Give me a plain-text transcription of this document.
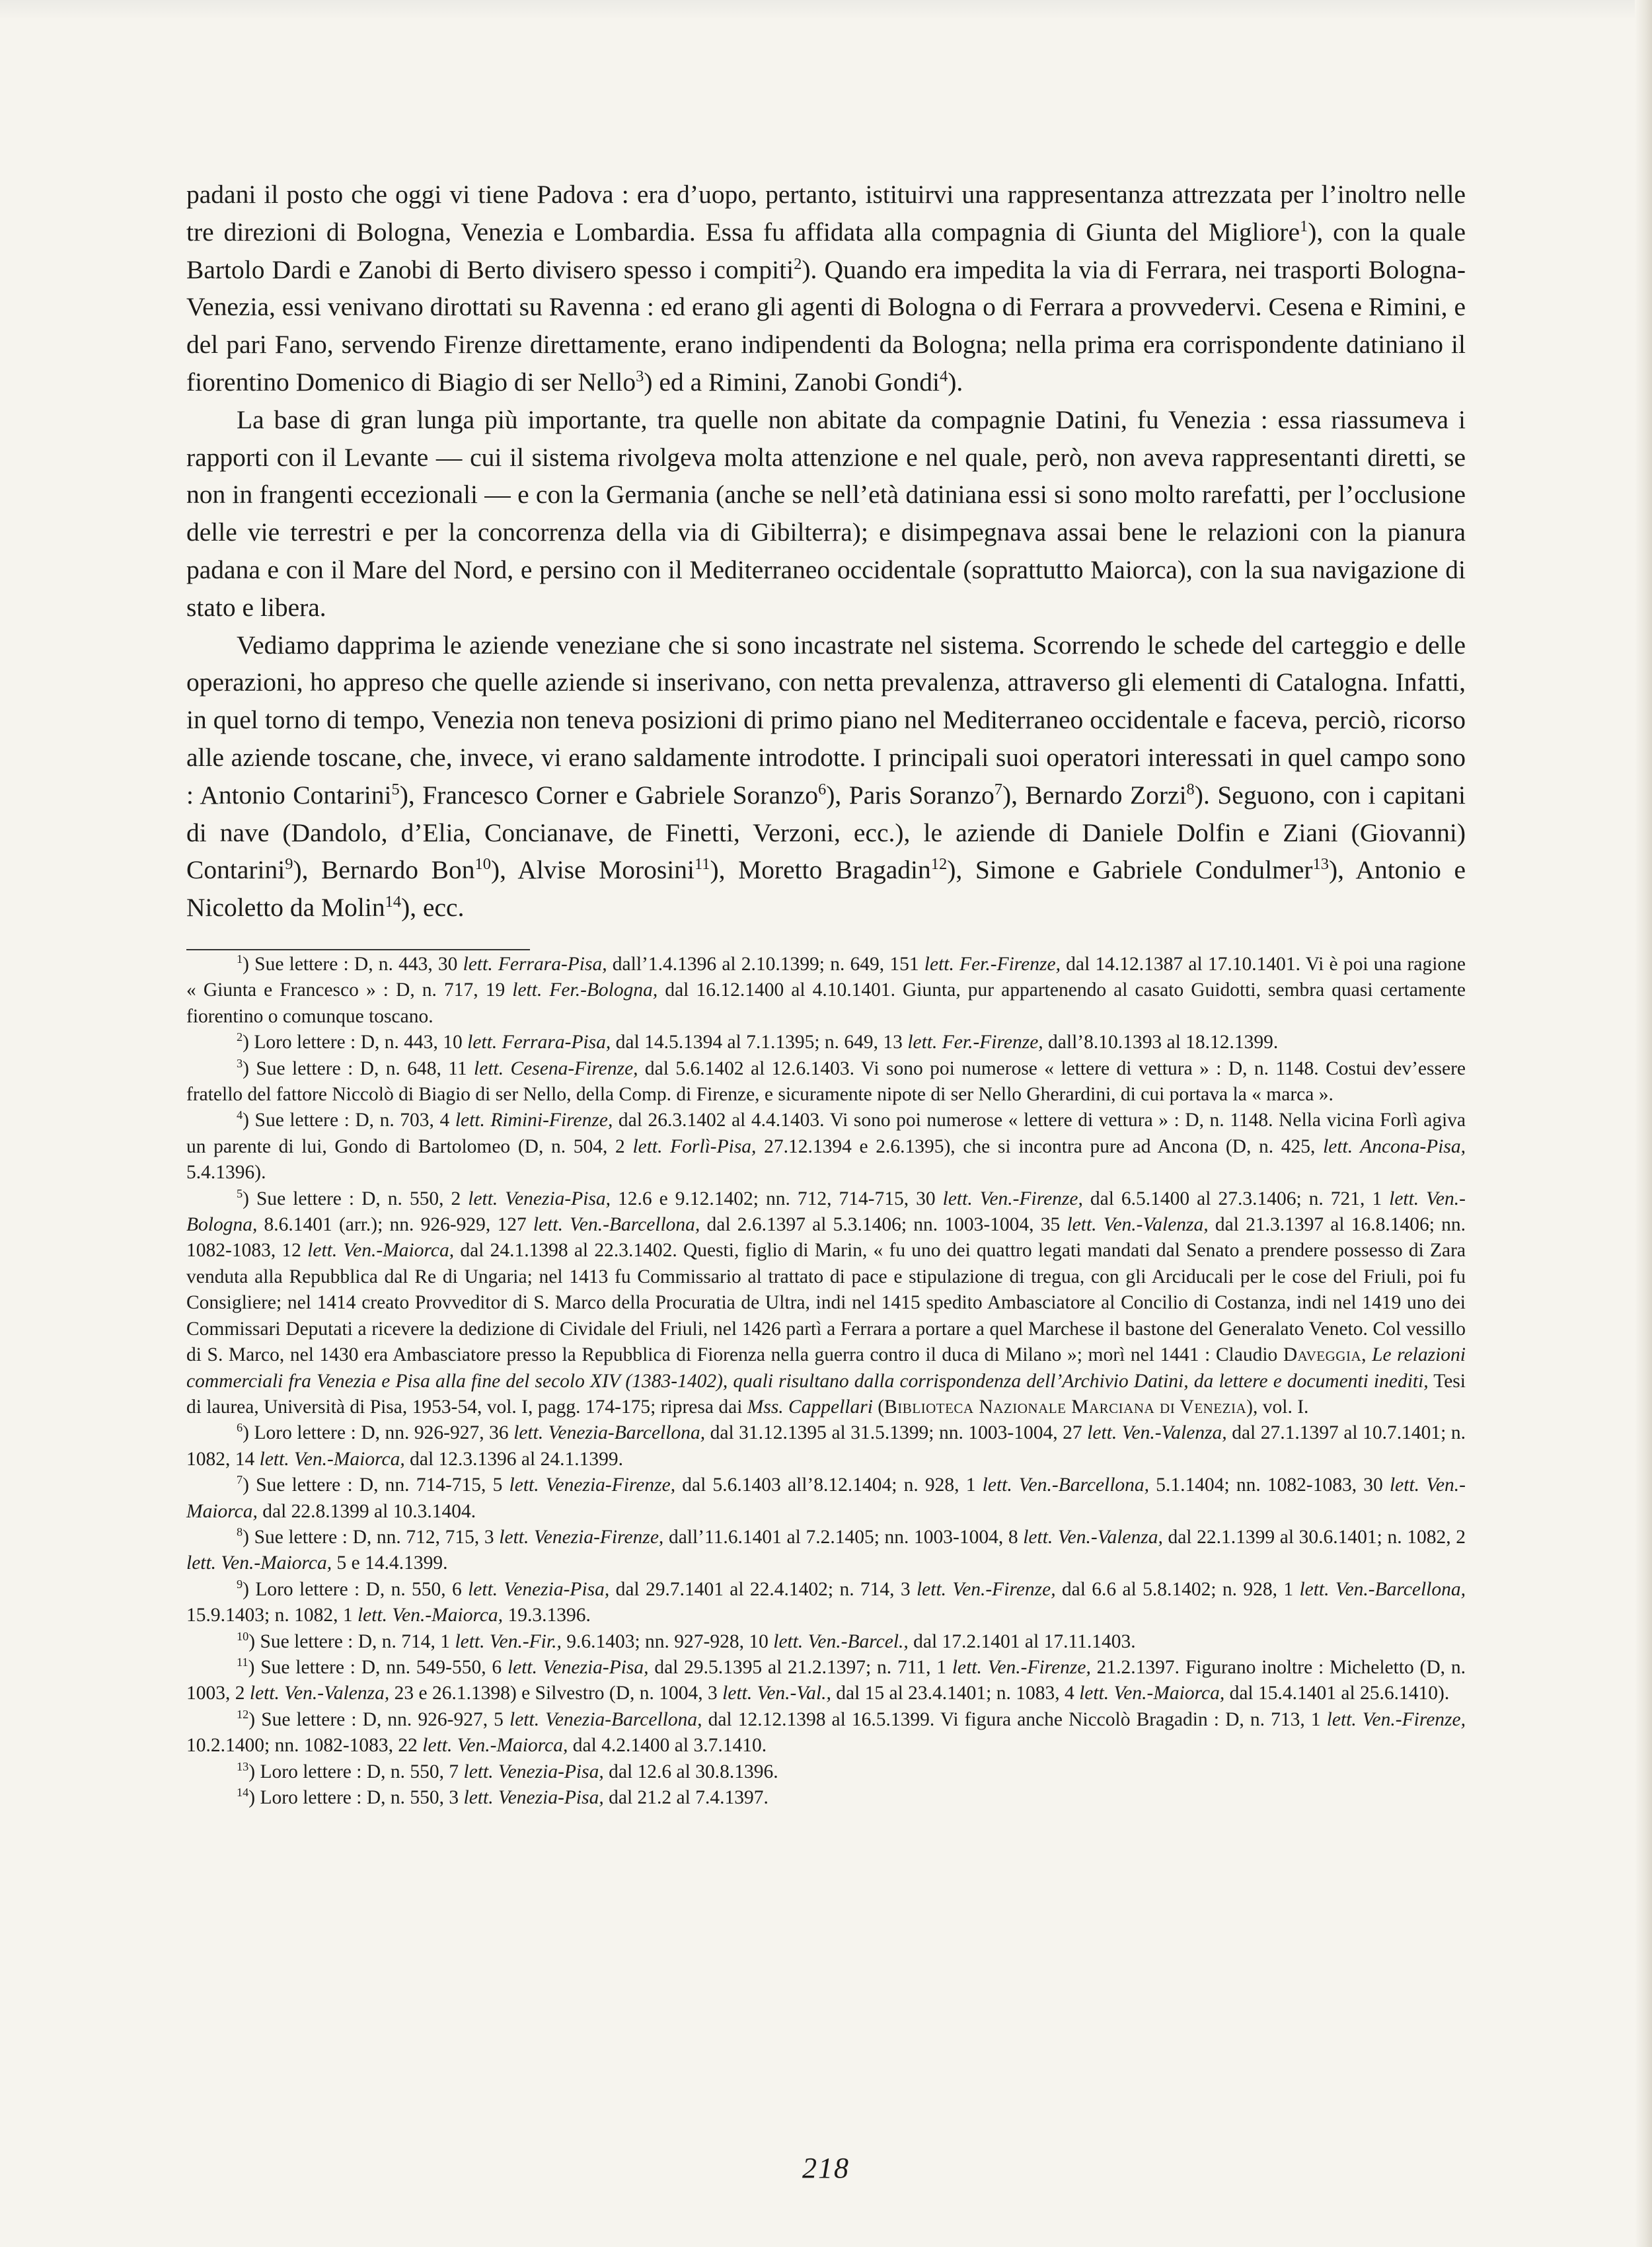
padani il posto che oggi vi tiene Padova : era d’uopo, pertanto, istituirvi una rappresentanza attrezzata per l’inoltro nelle tre direzioni di Bologna, Venezia e Lombardia. Essa fu affidata alla compagnia di Giunta del Migliore$^1$), con la quale Bartolo Dardi e Zanobi di Berto divisero spesso i compiti$^2$). Quando era impedita la via di Ferrara, nei trasporti Bologna-Venezia, essi venivano dirottati su Ravenna : ed erano gli agenti di Bologna o di Ferrara a provvedervi. Cesena e Rimini, e del pari Fano, servendo Firenze direttamente, erano indipendenti da Bologna; nella prima era corrispondente datiniano il fiorentino Domenico di Biagio di ser Nello$^3$) ed a Rimini, Zanobi Gondi$^4$).

La base di gran lunga più importante, tra quelle non abitate da compagnie Datini, fu Venezia : essa riassumeva i rapporti con il Levante — cui il sistema rivolgeva molta attenzione e nel quale, però, non aveva rappresentanti diretti, se non in frangenti eccezionali — e con la Germania (anche se nell’età datiniana essi si sono molto rarefatti, per l’occlusione delle vie terrestri e per la concorrenza della via di Gibilterra); e disimpegnava assai bene le relazioni con la pianura padana e con il Mare del Nord, e persino con il Mediterraneo occidentale (soprattutto Maiorca), con la sua navigazione di stato e libera.

Vediamo dapprima le aziende veneziane che si sono incastrate nel sistema. Scorrendo le schede del carteggio e delle operazioni, ho appreso che quelle aziende si inserivano, con netta prevalenza, attraverso gli elementi di Catalogna. Infatti, in quel torno di tempo, Venezia non teneva posizioni di primo piano nel Mediterraneo occidentale e faceva, perciò, ricorso alle aziende toscane, che, invece, vi erano saldamente introdotte. I principali suoi operatori interessati in quel campo sono : Antonio Contarini$^5$), Francesco Corner e Gabriele Soranzo$^6$), Paris Soranzo$^7$), Bernardo Zorzi$^8$). Seguono, con i capitani di nave (Dandolo, d’Elia, Concianave, de Finetti, Verzoni, ecc.), le aziende di Daniele Dolfin e Ziani (Giovanni) Contarini$^9$), Bernardo Bon$^{10}$), Alvise Morosini$^{11}$), Moretto Bragadin$^{12}$), Simone e Gabriele Condulmer$^{13}$), Antonio e Nicoletto da Molin$^{14}$), ecc.

$^1$) Sue lettere : D, n. 443, 30 lett. Ferrara-Pisa, dall’1.4.1396 al 2.10.1399; n. 649, 151 lett. Fer.-Firenze, dal 14.12.1387 al 17.10.1401. Vi è poi una ragione « Giunta e Francesco » : D, n. 717, 19 lett. Fer.-Bologna, dal 16.12.1400 al 4.10.1401. Giunta, pur appartenendo al casato Guidotti, sembra quasi certamente fiorentino o comunque toscano.

$^2$) Loro lettere : D, n. 443, 10 lett. Ferrara-Pisa, dal 14.5.1394 al 7.1.1395; n. 649, 13 lett. Fer.-Firenze, dall’8.10.1393 al 18.12.1399.

$^3$) Sue lettere : D, n. 648, 11 lett. Cesena-Firenze, dal 5.6.1402 al 12.6.1403. Vi sono poi numerose « lettere di vettura » : D, n. 1148. Costui dev’essere fratello del fattore Niccolò di Biagio di ser Nello, della Comp. di Firenze, e sicuramente nipote di ser Nello Gherardini, di cui portava la « marca ».

$^4$) Sue lettere : D, n. 703, 4 lett. Rimini-Firenze, dal 26.3.1402 al 4.4.1403. Vi sono poi numerose « lettere di vettura » : D, n. 1148. Nella vicina Forlì agiva un parente di lui, Gondo di Bartolomeo (D, n. 504, 2 lett. Forlì-Pisa, 27.12.1394 e 2.6.1395), che si incontra pure ad Ancona (D, n. 425, lett. Ancona-Pisa, 5.4.1396).

$^5$) Sue lettere : D, n. 550, 2 lett. Venezia-Pisa, 12.6 e 9.12.1402; nn. 712, 714-715, 30 lett. Ven.-Firenze, dal 6.5.1400 al 27.3.1406; n. 721, 1 lett. Ven.-Bologna, 8.6.1401 (arr.); nn. 926-929, 127 lett. Ven.-Barcellona, dal 2.6.1397 al 5.3.1406; nn. 1003-1004, 35 lett. Ven.-Valenza, dal 21.3.1397 al 16.8.1406; nn. 1082-1083, 12 lett. Ven.-Maiorca, dal 24.1.1398 al 22.3.1402. Questi, figlio di Marin, « fu uno dei quattro legati mandati dal Senato a prendere possesso di Zara venduta alla Repubblica dal Re di Ungaria; nel 1413 fu Commissario al trattato di pace e stipulazione di tregua, con gli Arciducali per le cose del Friuli, poi fu Consigliere; nel 1414 creato Provveditor di S. Marco della Procuratia de Ultra, indi nel 1415 spedito Ambasciatore al Concilio di Costanza, indi nel 1419 uno dei Commissari Deputati a ricevere la dedizione di Cividale del Friuli, nel 1426 partì a Ferrara a portare a quel Marchese il bastone del Generalato Veneto. Col vessillo di S. Marco, nel 1430 era Ambasciatore presso la Repubblica di Fiorenza nella guerra contro il duca di Milano »; morì nel 1441 : Claudio Daveggia, Le relazioni commerciali fra Venezia e Pisa alla fine del secolo XIV (1383-1402), quali risultano dalla corrispondenza dell’Archivio Datini, da lettere e documenti inediti, Tesi di laurea, Università di Pisa, 1953-54, vol. I, pagg. 174-175; ripresa dai Mss. Cappellari (Biblioteca Nazionale Marciana di Venezia), vol. I.

$^6$) Loro lettere : D, nn. 926-927, 36 lett. Venezia-Barcellona, dal 31.12.1395 al 31.5.1399; nn. 1003-1004, 27 lett. Ven.-Valenza, dal 27.1.1397 al 10.7.1401; n. 1082, 14 lett. Ven.-Maiorca, dal 12.3.1396 al 24.1.1399.

$^7$) Sue lettere : D, nn. 714-715, 5 lett. Venezia-Firenze, dal 5.6.1403 all’8.12.1404; n. 928, 1 lett. Ven.-Barcellona, 5.1.1404; nn. 1082-1083, 30 lett. Ven.-Maiorca, dal 22.8.1399 al 10.3.1404.

$^8$) Sue lettere : D, nn. 712, 715, 3 lett. Venezia-Firenze, dall’11.6.1401 al 7.2.1405; nn. 1003-1004, 8 lett. Ven.-Valenza, dal 22.1.1399 al 30.6.1401; n. 1082, 2 lett. Ven.-Maiorca, 5 e 14.4.1399.

$^9$) Loro lettere : D, n. 550, 6 lett. Venezia-Pisa, dal 29.7.1401 al 22.4.1402; n. 714, 3 lett. Ven.-Firenze, dal 6.6 al 5.8.1402; n. 928, 1 lett. Ven.-Barcellona, 15.9.1403; n. 1082, 1 lett. Ven.-Maiorca, 19.3.1396.

$^{10}$) Sue lettere : D, n. 714, 1 lett. Ven.-Fir., 9.6.1403; nn. 927-928, 10 lett. Ven.-Barcel., dal 17.2.1401 al 17.11.1403.

$^{11}$) Sue lettere : D, nn. 549-550, 6 lett. Venezia-Pisa, dal 29.5.1395 al 21.2.1397; n. 711, 1 lett. Ven.-Firenze, 21.2.1397. Figurano inoltre : Micheletto (D, n. 1003, 2 lett. Ven.-Valenza, 23 e 26.1.1398) e Silvestro (D, n. 1004, 3 lett. Ven.-Val., dal 15 al 23.4.1401; n. 1083, 4 lett. Ven.-Maiorca, dal 15.4.1401 al 25.6.1410).

$^{12}$) Sue lettere : D, nn. 926-927, 5 lett. Venezia-Barcellona, dal 12.12.1398 al 16.5.1399. Vi figura anche Niccolò Bragadin : D, n. 713, 1 lett. Ven.-Firenze, 10.2.1400; nn. 1082-1083, 22 lett. Ven.-Maiorca, dal 4.2.1400 al 3.7.1410.

$^{13}$) Loro lettere : D, n. 550, 7 lett. Venezia-Pisa, dal 12.6 al 30.8.1396.

$^{14}$) Loro lettere : D, n. 550, 3 lett. Venezia-Pisa, dal 21.2 al 7.4.1397.

218
